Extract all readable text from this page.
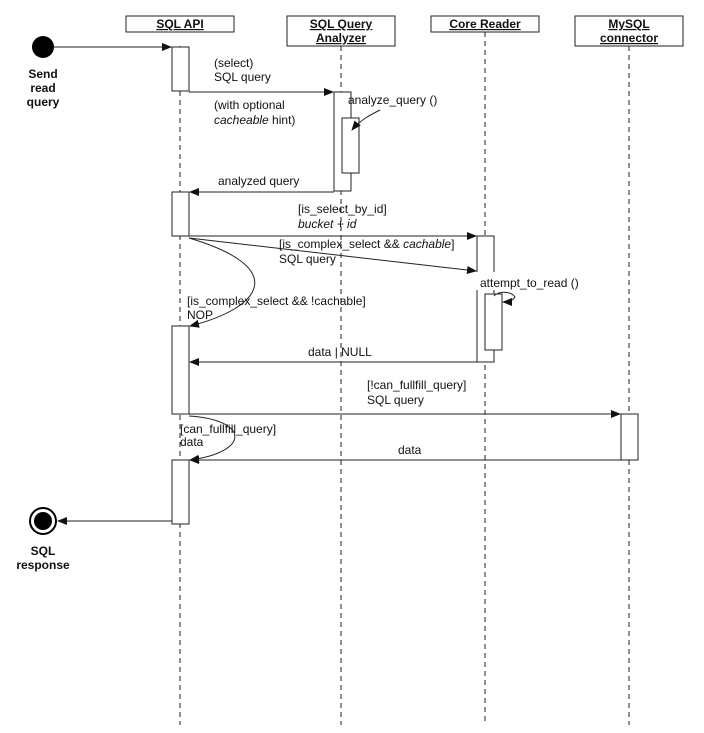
SQL API	SQL Query
Analyzer
Core Reader	MySQL
connector
Send
read
query
SQL
response
(select)
SQL query
(with optional
cacheable hint)
analyze_query ()
analyzed query
[is_select_by_id]
bucket + id
[is_complex_select && cachable]
SQL query
attempt_to_read ()
[is_complex_select && !cachable]
NOP
data | NULL
[!can_fullfill_query]
SQL query
[can_fullfill_query]
data
data
